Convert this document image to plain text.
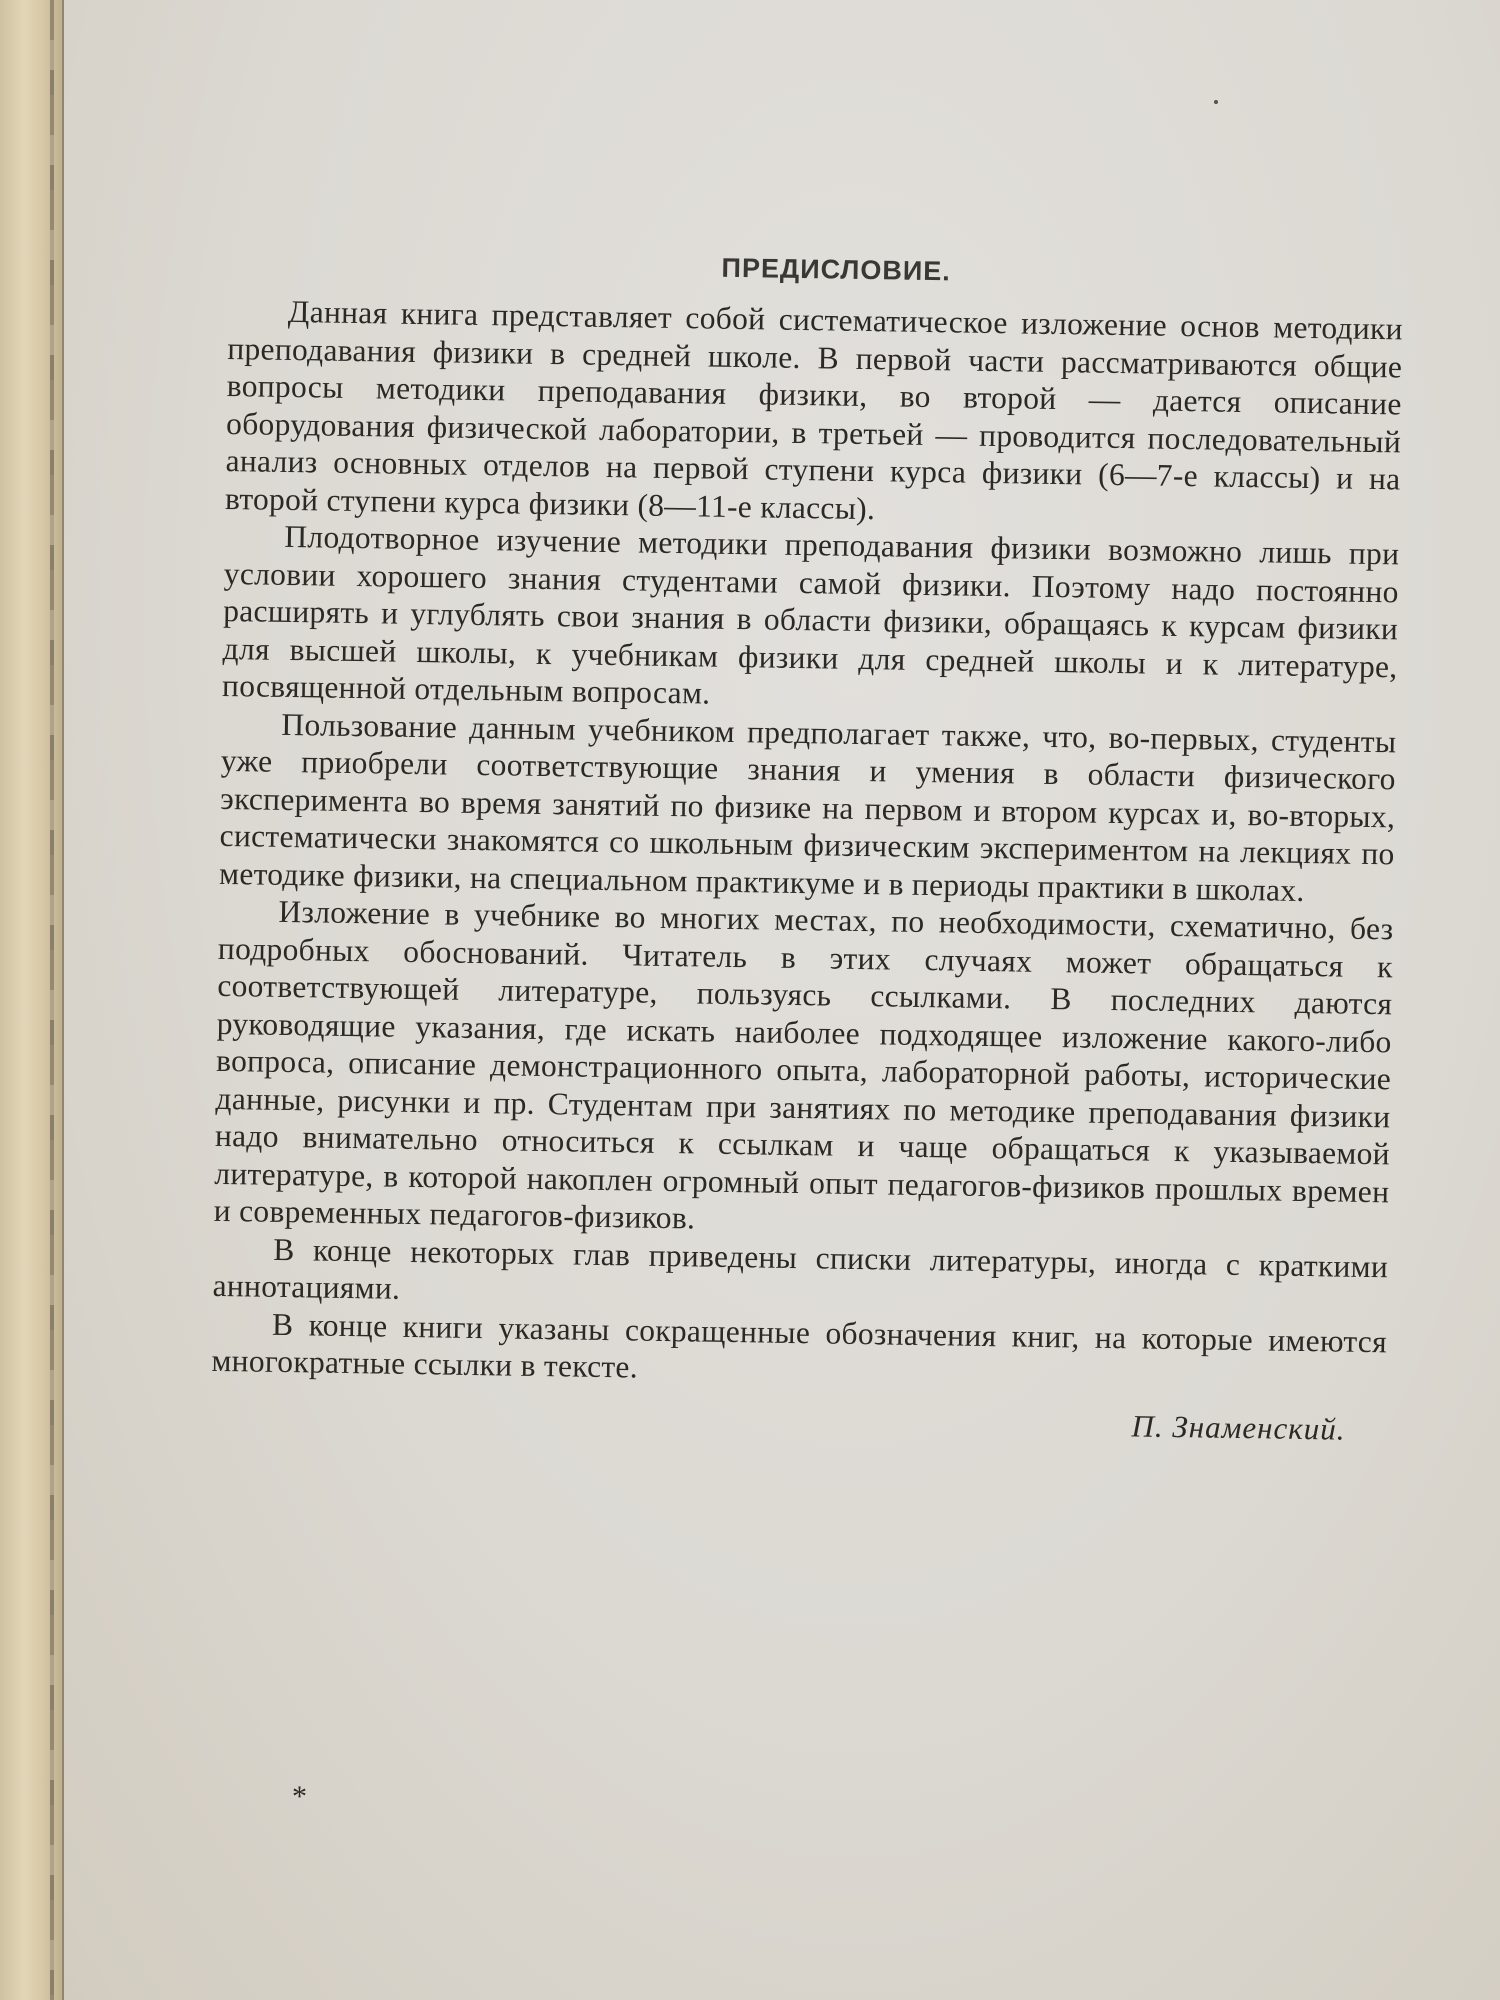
ПРЕДИСЛОВИЕ.

Данная книга представляет собой систематическое изложение основ методики преподавания физики в средней школе. В первой части рассматриваются общие вопросы методики преподавания физики, во второй — дается описание оборудования физической лаборатории, в третьей — проводится последовательный анализ основных отделов на первой ступени курса физики (6—7-е классы) и на второй ступени курса физики (8—11-е классы).

Плодотворное изучение методики преподавания физики возможно лишь при условии хорошего знания студентами самой физики. Поэтому надо постоянно расширять и углублять свои знания в области физики, обращаясь к курсам физики для высшей школы, к учебникам физики для средней школы и к литературе, посвященной отдельным вопросам.

Пользование данным учебником предполагает также, что, во-первых, студенты уже приобрели соответствующие знания и умения в области физического эксперимента во время занятий по физике на первом и втором курсах и, во-вторых, систематически знакомятся со школьным физическим экспериментом на лекциях по методике физики, на специальном практикуме и в периоды практики в школах.

Изложение в учебнике во многих местах, по необходимости, схематично, без подробных обоснований. Читатель в этих случаях может обращаться к соответствующей литературе, пользуясь ссылками. В последних даются руководящие указания, где искать наиболее подходящее изложение какого-либо вопроса, описание демонстрационного опыта, лабораторной работы, исторические данные, рисунки и пр. Студентам при занятиях по методике преподавания физики надо внимательно относиться к ссылкам и чаще обращаться к указываемой литературе, в которой накоплен огромный опыт педагогов-физиков прошлых времен и современных педагогов-физиков.

В конце некоторых глав приведены списки литературы, иногда с краткими аннотациями.

В конце книги указаны сокращенные обозначения книг, на которые имеются многократные ссылки в тексте.

П. Знаменский.
*
